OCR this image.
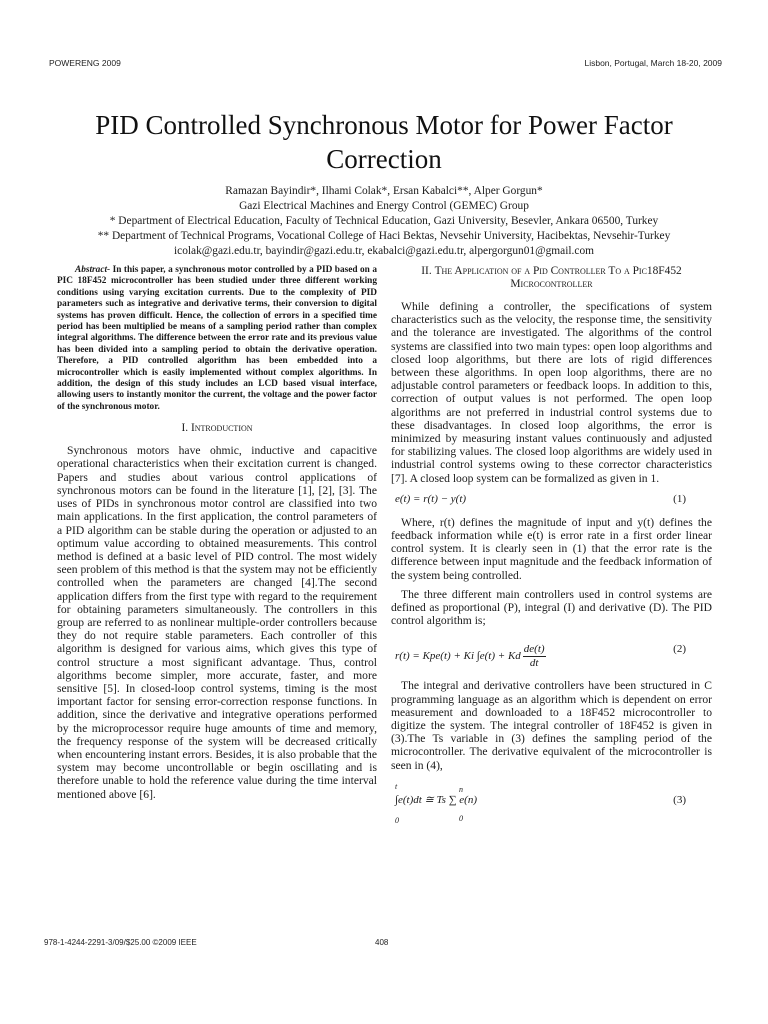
POWERENG 2009	Lisbon, Portugal, March 18-20, 2009
PID Controlled Synchronous Motor for Power Factor
Correction
Ramazan Bayindir*, Ilhami Colak*, Ersan Kabalci**, Alper Gorgun*
Gazi Electrical Machines and Energy Control (GEMEC) Group
* Department of Electrical Education, Faculty of Technical Education, Gazi University, Besevler, Ankara 06500, Turkey
** Department of Technical Programs, Vocational College of Haci Bektas, Nevsehir University, Hacibektas, Nevsehir-Turkey
icolak@gazi.edu.tr, bayindir@gazi.edu.tr, ekabalci@gazi.edu.tr, alpergorgun01@gmail.com

Abstract- In this paper, a synchronous motor controlled by a PID based on a PIC 18F452 microcontroller has been studied under three different working conditions using varying excitation currents. Due to the complexity of PID parameters such as integrative and derivative terms, their conversion to digital systems has proven difficult. Hence, the collection of errors in a specified time period has been multiplied be means of a sampling period rather than complex integral algorithms. The difference between the error rate and its previous value has been divided into a sampling period to obtain the derivative operation. Therefore, a PID controlled algorithm has been embedded into a microcontroller which is easily implemented without complex algorithms. In addition, the design of this study includes an LCD based visual interface, allowing users to instantly monitor the current, the voltage and the power factor of the synchronous motor.

I. Introduction

Synchronous motors have ohmic, inductive and capacitive operational characteristics when their excitation current is changed. Papers and studies about various control applications of synchronous motors can be found in the literature [1], [2], [3]. The uses of PIDs in synchronous motor control are classified into two main applications. In the first application, the control parameters of a PID algorithm can be stable during the operation or adjusted to an optimum value according to obtained measurements. This control method is defined at a basic level of PID control. The most widely seen problem of this method is that the system may not be efficiently controlled when the parameters are changed [4].The second application differs from the first type with regard to the requirement for obtaining parameters simultaneously. The controllers in this group are referred to as nonlinear multiple-order controllers because they do not require stable parameters. Each controller of this algorithm is designed for various aims, which gives this type of control structure a most significant advantage. Thus, control algorithms become simpler, more accurate, faster, and more sensitive [5]. In closed-loop control systems, timing is the most important factor for sensing error-correction response functions. In addition, since the derivative and integrative operations performed by the microprocessor require huge amounts of time and memory, the frequency response of the system will be decreased critically when encountering instant errors. Besides, it is also probable that the system may become uncontrollable or begin oscillating and is therefore unable to hold the reference value during the time interval mentioned above [6].

II. The Application of a Pid Controller To a Pic18F452
Microcontroller

While defining a controller, the specifications of system characteristics such as the velocity, the response time, the sensitivity and the tolerance are investigated. The algorithms of the control systems are classified into two main types: open loop algorithms and closed loop algorithms, but there are lots of rigid differences between these algorithms. In open loop algorithms, there are no adjustable control parameters or feedback loops. In addition to this, correction of output values is not performed. The open loop algorithms are not preferred in industrial control systems due to these disadvantages. In closed loop algorithms, the error is minimized by measuring instant values continuously and adjusted for stabilizing values. The closed loop algorithms are widely used in industrial control systems owing to these corrector characteristics [7]. A closed loop system can be formalized as given in 1.

e(t) = r(t) − y(t)	(1)

Where, r(t) defines the magnitude of input and y(t) defines the feedback information while e(t) is error rate in a first order linear control system. It is clearly seen in (1) that the error rate is the difference between input magnitude and the feedback information of the system being controlled.

The three different main controllers used in control systems are defined as proportional (P), integral (I) and derivative (D). The PID control algorithm is;

r(t) = Kpe(t) + Ki ∫e(t) + Kd $\frac{de(t)}{dt}$	(2)

The integral and derivative controllers have been structured in C programming language as an algorithm which is dependent on error measurement and downloaded to a 18F452 microcontroller to digitize the system. The integral controller of 18F452 is given in (3).The Ts variable in (3) defines the sampling period of the microcontroller. The derivative equivalent of the microcontroller is seen in (4),

t
0
n
0
∫e(t)dt ≅ Ts ∑ e(n)	(3)
978-1-4244-2291-3/09/$25.00 ©2009 IEEE	408
